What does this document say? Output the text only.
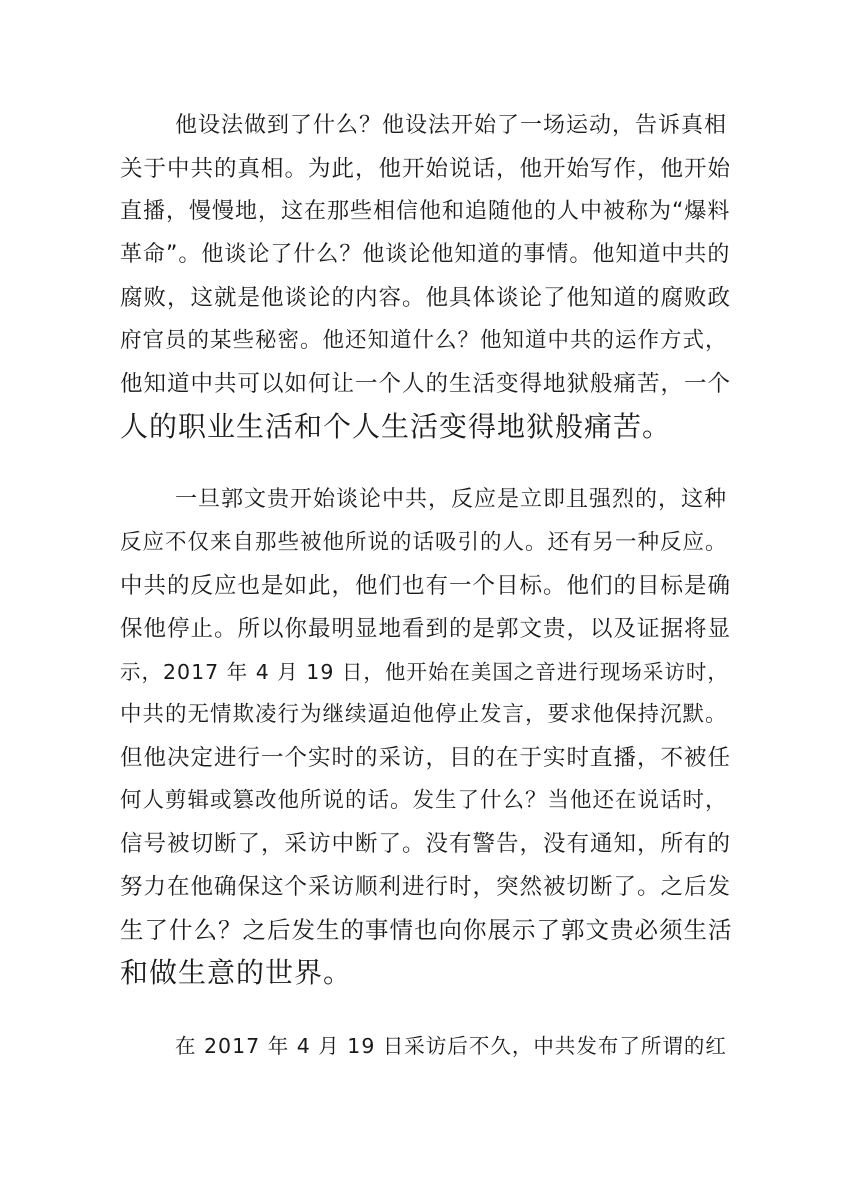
他设法做到了什么？他设法开始了一场运动，告诉真相
关于中共的真相。为此，他开始说话，他开始写作，他开始
直播，慢慢地，这在那些相信他和追随他的人中被称为“爆料
革命”。他谈论了什么？他谈论他知道的事情。他知道中共的
腐败，这就是他谈论的内容。他具体谈论了他知道的腐败政
府官员的某些秘密。他还知道什么？他知道中共的运作方式，
他知道中共可以如何让一个人的生活变得地狱般痛苦，一个
人的职业生活和个人生活变得地狱般痛苦。
一旦郭文贵开始谈论中共，反应是立即且强烈的，这种
反应不仅来自那些被他所说的话吸引的人。还有另一种反应。
中共的反应也是如此，他们也有一个目标。他们的目标是确
保他停止。所以你最明显地看到的是郭文贵，以及证据将显
示，2017 年 4 月 19 日，他开始在美国之音进行现场采访时，
中共的无情欺凌行为继续逼迫他停止发言，要求他保持沉默。
但他决定进行一个实时的采访，目的在于实时直播，不被任
何人剪辑或篡改他所说的话。发生了什么？当他还在说话时，
信号被切断了，采访中断了。没有警告，没有通知，所有的
努力在他确保这个采访顺利进行时，突然被切断了。之后发
生了什么？之后发生的事情也向你展示了郭文贵必须生活
和做生意的世界。
在 2017 年 4 月 19 日采访后不久，中共发布了所谓的红
